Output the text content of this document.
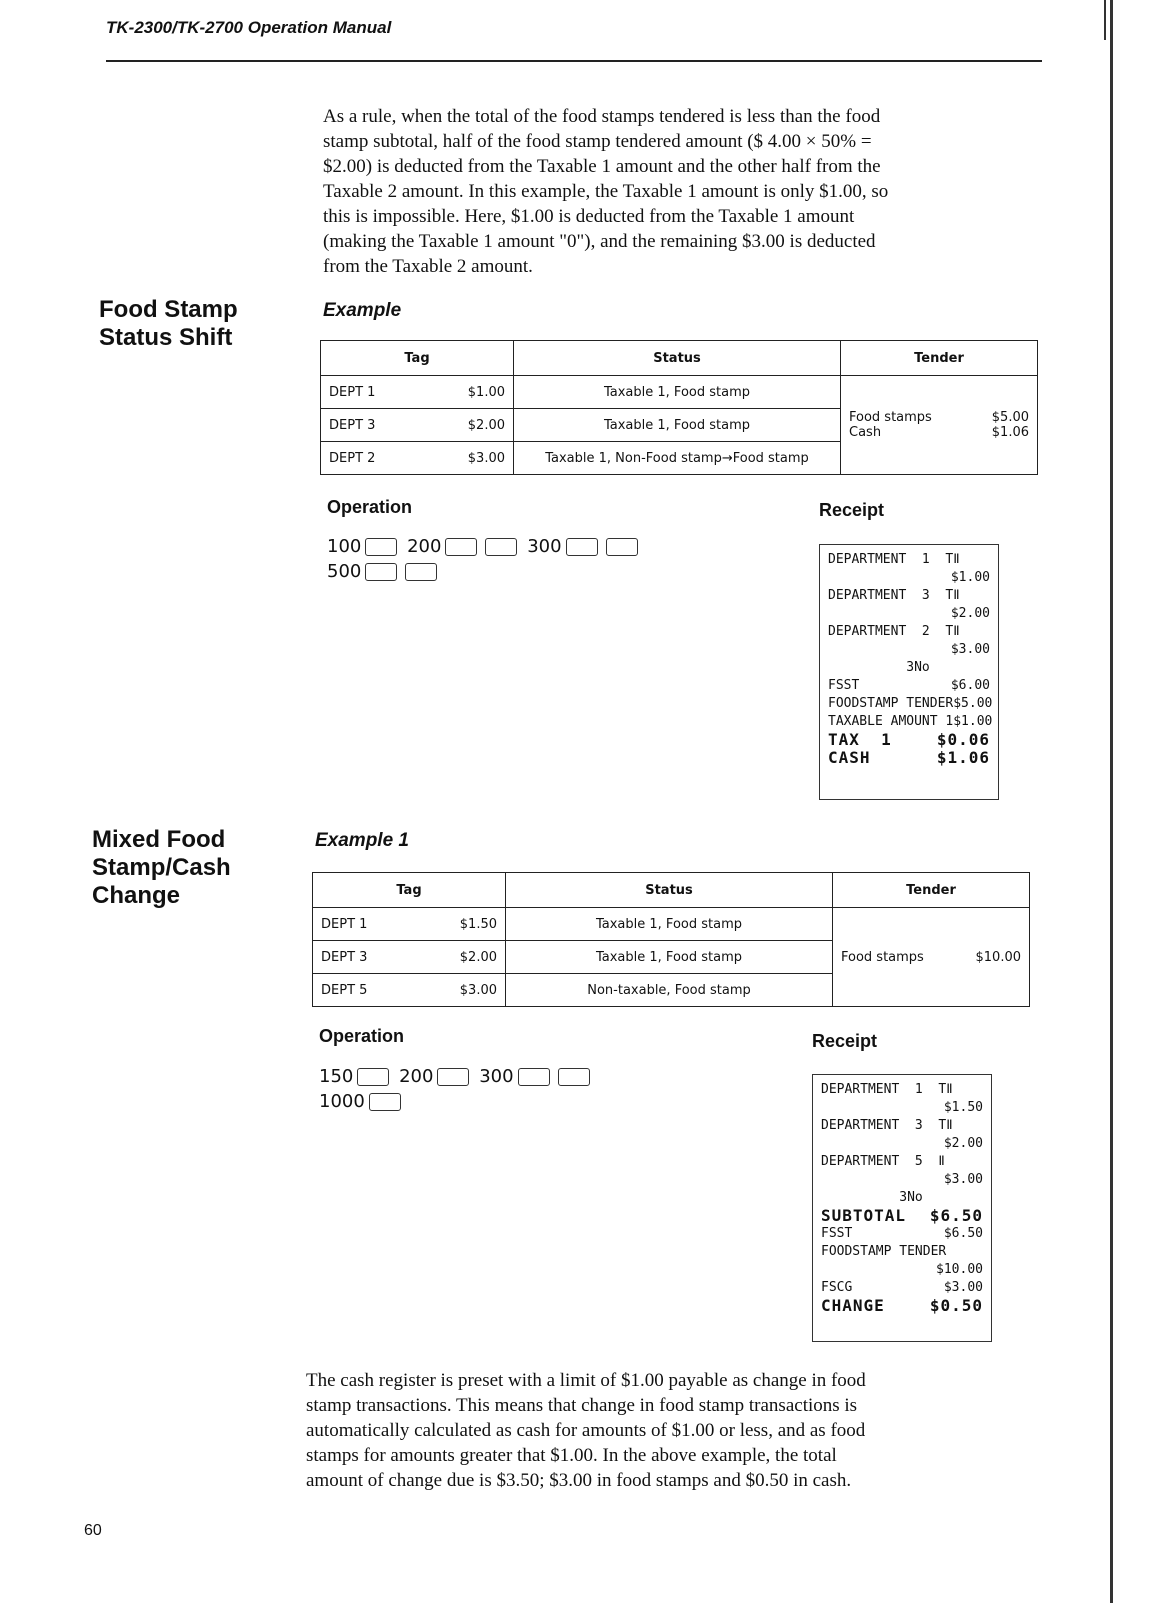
TK-2300/TK-2700 Operation Manual
As a rule, when the total of the food stamps tendered is less than the food
stamp subtotal, half of the food stamp tendered amount ($ 4.00 × 50% =
$2.00) is deducted from the Taxable 1 amount and the other half from the
Taxable 2 amount. In this example, the Taxable 1 amount is only $1.00, so
this is impossible. Here, $1.00 is deducted from the Taxable 1 amount
(making the Taxable 1 amount "0"), and the remaining $3.00 is deducted
from the Taxable 2 amount.
Food Stamp
Status Shift
Example
Tag		Status	Tender
DEPT 1	$1.00	Taxable 1, Food stamp	Food stamps $5.00
Cash $1.06

DEPT 3	$2.00	Taxable 1, Food stamp	
DEPT 2	$3.00	Taxable 1, Non-Food stamp→Food stamp	
Operation
100	200	300
500
Receipt
DEPARTMENT  1  TⅡ
$1.00
DEPARTMENT  3  TⅡ
$2.00
DEPARTMENT  2  TⅡ
$3.00
3No
FSST	$6.00
FOODSTAMP TENDER $5.00
TAXABLE AMOUNT 1 $1.00
TAX  1	$0.06
CASH	$1.06
Mixed Food
Stamp/Cash
Change
Example 1
Tag		Status	Tender
DEPT 1	$1.50	Taxable 1, Food stamp	Food stamps $10.00

DEPT 3	$2.00	Taxable 1, Food stamp	
DEPT 5	$3.00	Non-taxable, Food stamp	
Operation
150	200	300
1000
Receipt
DEPARTMENT  1  TⅡ
$1.50
DEPARTMENT  3  TⅡ
$2.00
DEPARTMENT  5  Ⅱ
$3.00
3No
SUBTOTAL $6.50
FSST	$6.50
FOODSTAMP TENDER
$10.00
FSCG	$3.00
CHANGE	$0.50
The cash register is preset with a limit of $1.00 payable as change in food
stamp transactions. This means that change in food stamp transactions is
automatically calculated as cash for amounts of $1.00 or less, and as food
stamps for amounts greater that $1.00. In the above example, the total
amount of change due is $3.50; $3.00 in food stamps and $0.50 in cash.
60
